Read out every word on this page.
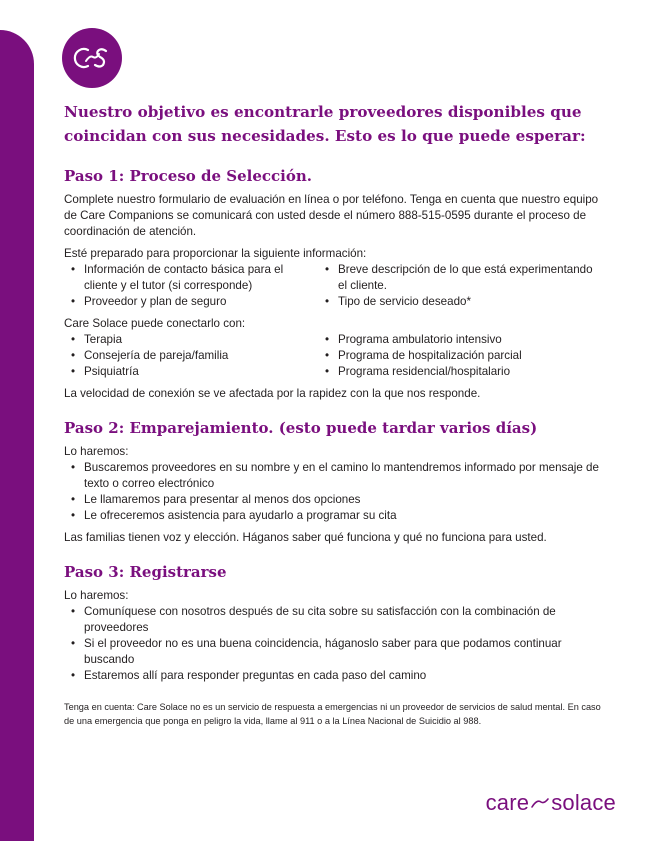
Nuestro objetivo es encontrarle proveedores disponibles que coincidan con sus necesidades. Esto es lo que puede esperar:
Paso 1: Proceso de Selección.

Complete nuestro formulario de evaluación en línea o por teléfono. Tenga en cuenta que nuestro equipo de Care Companions se comunicará con usted desde el número 888-515-0595 durante el proceso de coordinación de atención.

Esté preparado para proporcionar la siguiente información:

• Información de contacto básica para el cliente y el tutor (si corresponde)
• Proveedor y plan de seguro
• Breve descripción de lo que está experimentando el cliente.
• Tipo de servicio deseado*

Care Solace puede conectarlo con:

• Terapia
• Consejería de pareja/familia
• Psiquiatría
• Programa ambulatorio intensivo
• Programa de hospitalización parcial
• Programa residencial/hospitalario

La velocidad de conexión se ve afectada por la rapidez con la que nos responde.

Paso 2: Emparejamiento. (esto puede tardar varios días)

Lo haremos:

• Buscaremos proveedores en su nombre y en el camino lo mantendremos informado por mensaje de texto o correo electrónico
• Le llamaremos para presentar al menos dos opciones
• Le ofreceremos asistencia para ayudarlo a programar su cita

Las familias tienen voz y elección. Háganos saber qué funciona y qué no funciona para usted.

Paso 3: Registrarse

Lo haremos:

• Comuníquese con nosotros después de su cita sobre su satisfacción con la combinación de proveedores
• Si el proveedor no es una buena coincidencia, háganoslo saber para que podamos continuar buscando
• Estaremos allí para responder preguntas en cada paso del camino

Tenga en cuenta: Care Solace no es un servicio de respuesta a emergencias ni un proveedor de servicios de salud mental. En caso de una emergencia que ponga en peligro la vida, llame al 911 o a la Línea Nacional de Suicidio al 988.

care solace
